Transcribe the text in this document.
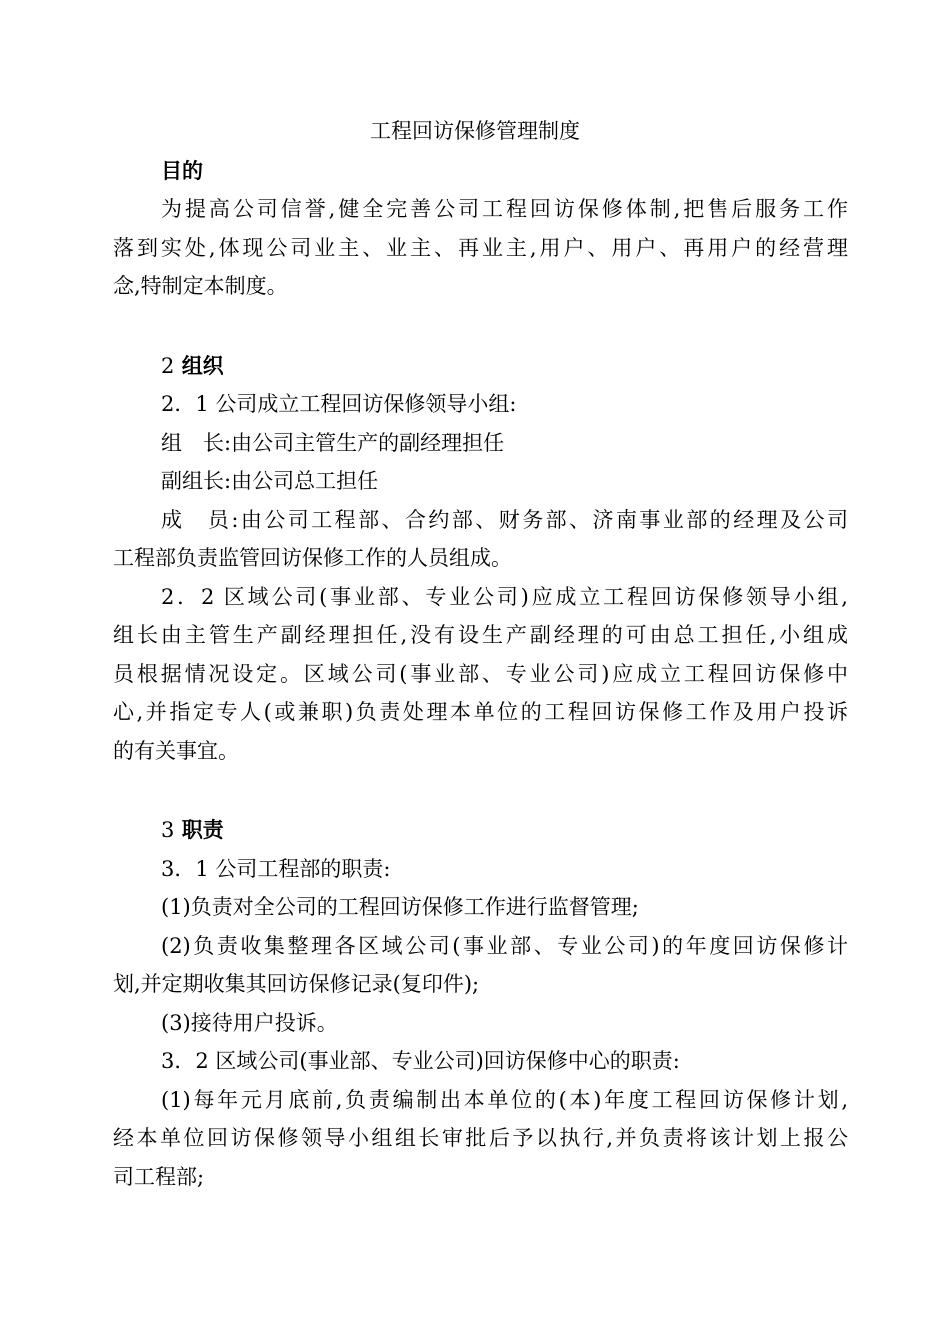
工程回访保修管理制度
目的
为提高公司信誉,健全完善公司工程回访保修体制,把售后服务工作
落到实处,体现公司业主、业主、再业主,用户、用户、再用户的经营理
念,特制定本制度。
2 组织
2．1 公司成立工程回访保修领导小组:
组　长:由公司主管生产的副经理担任
副组长:由公司总工担任
成　员:由公司工程部、合约部、财务部、济南事业部的经理及公司
工程部负责监管回访保修工作的人员组成。
2．2 区域公司(事业部、专业公司)应成立工程回访保修领导小组,
组长由主管生产副经理担任,没有设生产副经理的可由总工担任,小组成
员根据情况设定。区域公司(事业部、专业公司)应成立工程回访保修中
心,并指定专人(或兼职)负责处理本单位的工程回访保修工作及用户投诉
的有关事宜。
3 职责
3．1 公司工程部的职责:
(1)负责对全公司的工程回访保修工作进行监督管理;
(2)负责收集整理各区域公司(事业部、专业公司)的年度回访保修计
划,并定期收集其回访保修记录(复印件);
(3)接待用户投诉。
3．2 区域公司(事业部、专业公司)回访保修中心的职责:
(1)每年元月底前,负责编制出本单位的(本)年度工程回访保修计划,
经本单位回访保修领导小组组长审批后予以执行,并负责将该计划上报公
司工程部;
